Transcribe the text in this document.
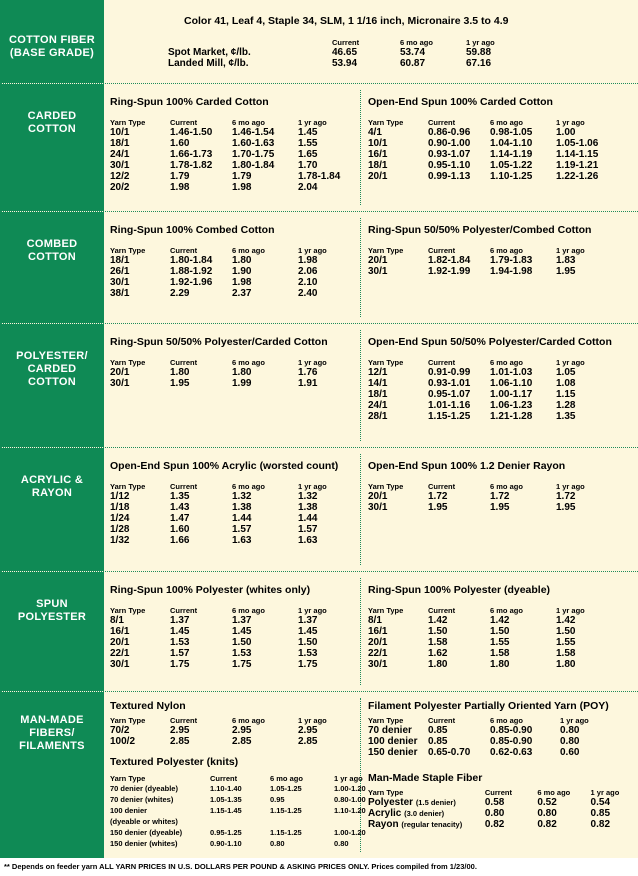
COTTON FIBER
(BASE GRADE)
Color 41, Leaf 4, Staple 34, SLM, 1 1/16 inch, Micronaire 3.5 to 4.9
	Current	6 mo ago	1 yr ago
Spot Market, ¢/lb.	46.65	53.74	59.88
Landed Mill, ¢/lb.	53.94	60.87	67.16
CARDED
COTTON
Ring-Spun 100% Carded Cotton
Yarn Type	Current	6 mo ago	1 yr ago
10/1	1.46-1.50	1.46-1.54	1.45
18/1	1.60	1.60-1.63	1.55
24/1	1.66-1.73	1.70-1.75	1.65
30/1	1.78-1.82	1.80-1.84	1.70
12/2	1.79	1.79	1.78-1.84
20/2	1.98	1.98	2.04
Open-End Spun 100% Carded Cotton
Yarn Type	Current	6 mo ago	1 yr ago
4/1	0.86-0.96	0.98-1.05	1.00
10/1	0.90-1.00	1.04-1.10	1.05-1.06
16/1	0.93-1.07	1.14-1.19	1.14-1.15
18/1	0.95-1.10	1.05-1.22	1.19-1.21
20/1	0.99-1.13	1.10-1.25	1.22-1.26
COMBED
COTTON
Ring-Spun 100% Combed Cotton
Yarn Type	Current	6 mo ago	1 yr ago
18/1	1.80-1.84	1.80	1.98
26/1	1.88-1.92	1.90	2.06
30/1	1.92-1.96	1.98	2.10
38/1	2.29	2.37	2.40
Ring-Spun 50/50% Polyester/Combed Cotton
Yarn Type	Current	6 mo ago	1 yr ago
20/1	1.82-1.84	1.79-1.83	1.83
30/1	1.92-1.99	1.94-1.98	1.95
POLYESTER/
CARDED
COTTON
Ring-Spun 50/50% Polyester/Carded Cotton
Yarn Type	Current	6 mo ago	1 yr ago
20/1	1.80	1.80	1.76
30/1	1.95	1.99	1.91
Open-End Spun 50/50% Polyester/Carded Cotton
Yarn Type	Current	6 mo ago	1 yr ago
12/1	0.91-0.99	1.01-1.03	1.05
14/1	0.93-1.01	1.06-1.10	1.08
18/1	0.95-1.07	1.00-1.17	1.15
24/1	1.01-1.16	1.06-1.23	1.28
28/1	1.15-1.25	1.21-1.28	1.35
ACRYLIC &
RAYON
Open-End Spun 100% Acrylic (worsted count)
Yarn Type	Current	6 mo ago	1 yr ago
1/12	1.35	1.32	1.32
1/18	1.43	1.38	1.38
1/24	1.47	1.44	1.44
1/28	1.60	1.57	1.57
1/32	1.66	1.63	1.63
Open-End Spun 100% 1.2 Denier Rayon
Yarn Type	Current	6 mo ago	1 yr ago
20/1	1.72	1.72	1.72
30/1	1.95	1.95	1.95
SPUN
POLYESTER
Ring-Spun 100% Polyester (whites only)
Yarn Type	Current	6 mo ago	1 yr ago
8/1	1.37	1.37	1.37
16/1	1.45	1.45	1.45
20/1	1.53	1.50	1.50
22/1	1.57	1.53	1.53
30/1	1.75	1.75	1.75
Ring-Spun 100% Polyester (dyeable)
Yarn Type	Current	6 mo ago	1 yr ago
8/1	1.42	1.42	1.42
16/1	1.50	1.50	1.50
20/1	1.58	1.55	1.55
22/1	1.62	1.58	1.58
30/1	1.80	1.80	1.80
MAN-MADE
FIBERS/
FILAMENTS
Textured Nylon
Yarn Type	Current	6 mo ago	1 yr ago
70/2	2.95	2.95	2.95
100/2	2.85	2.85	2.85
Textured Polyester (knits)
Yarn Type	Current	6 mo ago	1 yr ago
70 denier (dyeable)	1.10-1.40	1.05-1.25	1.00-1.20
70 denier (whites)	1.05-1.35	0.95	0.80-1.00
100 denier	1.15-1.45	1.15-1.25	1.10-1.20
(dyeable or whites)			
150 denier (dyeable)	0.95-1.25	1.15-1.25	1.00-1.20
150 denier (whites)	0.90-1.10	0.80	0.80
Filament Polyester Partially Oriented Yarn (POY)
Yarn Type	Current	6 mo ago	1 yr ago
70 denier	0.85	0.85-0.90	0.80
100 denier	0.85	0.85-0.90	0.80
150 denier	0.65-0.70	0.62-0.63	0.60
Man-Made Staple Fiber
Yarn Type	Current	6 mo ago	1 yr ago
Polyester (1.5 denier)	0.58	0.52	0.54
Acrylic (3.0 denier)	0.80	0.80	0.85
Rayon (regular tenacity)	0.82	0.82	0.82
** Depends on feeder yarn ALL YARN PRICES IN U.S. DOLLARS PER POUND & ASKING PRICES ONLY. Prices compiled from 1/23/00.
